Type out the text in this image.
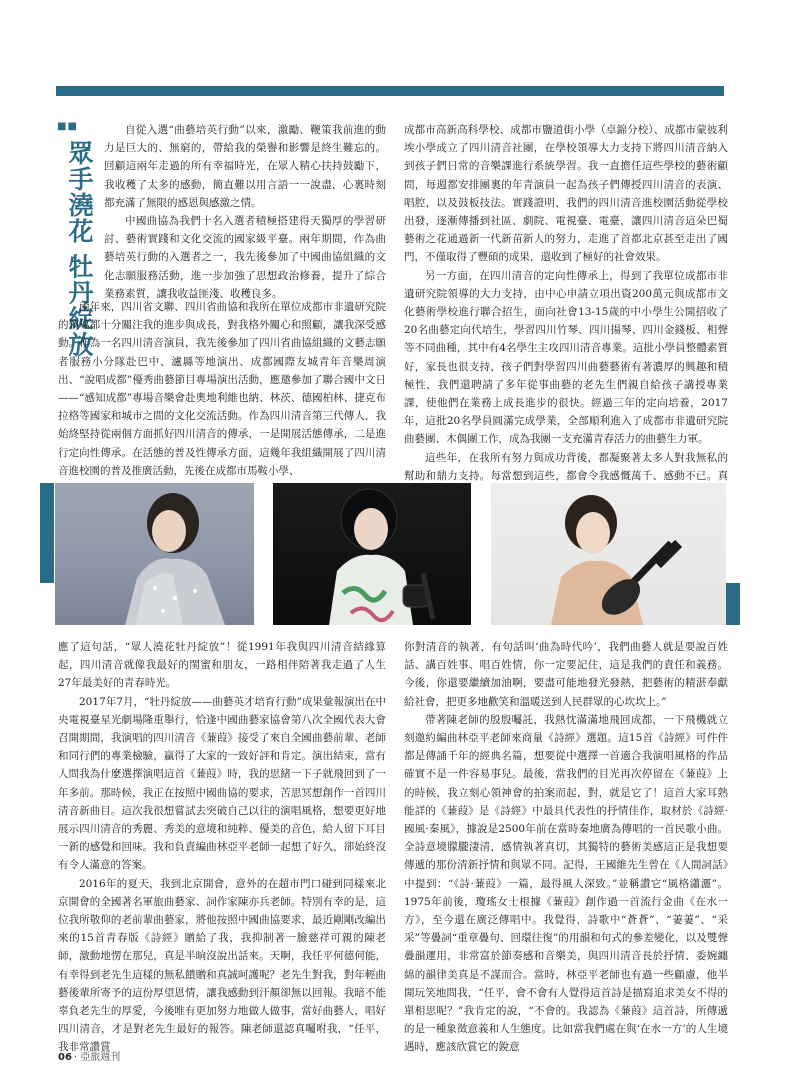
■■
眾手澆花 牡丹綻放

自從入選“曲藝培英行動”以來，激勵、鞭策我前進的動力是巨大的、無窮的，帶給我的榮譽和影響是終生難忘的。回顧這兩年走過的所有幸福時光，在眾人精心扶持鼓勵下，我收穫了太多的感動，簡直難以用言語一一說盡，心裏時刻都充滿了無限的感恩與感激之情。

中國曲協為我們十名入選者積極搭建得天獨厚的學習研討、藝術實踐和文化交流的國家級平臺。兩年期間，作為曲藝培英行動的入選者之一，我先後參加了中國曲協組織的文化志願服務活動，進一步加強了思想政治修養，提升了綜合業務素質，讓我收益匪淺、收穫良多。

兩年來，四川省文聯、四川省曲協和我所在單位成都市非遺研究院的領導都十分關注我的進步與成長，對我格外關心和照顧，讓我深受感動。作為一名四川清音演員，我先後參加了四川省曲協組織的文藝志願者服務小分隊赴巴中、瀘縣等地演出、成都國際友城青年音樂周演出、“說唱成都”優秀曲藝節目專場演出活動，應邀參加了聯合國中文日——“感知成都”專場音樂會赴奧地利維也納、林茨、德國柏林、捷克布拉格等國家和城市之間的文化交流活動。作為四川清音第三代傳人，我始終堅持從兩個方面抓好四川清音的傳承，一是開展活態傳承，二是進行定向性傳承。在活態的普及性傳承方面，這幾年我組織開展了四川清音進校園的普及推廣活動，先後在成都市馬鞍小學、

成都市高新高科學校、成都市鹽道街小學（卓錦分校）、成都市蒙彼利埃小學成立了四川清音社團，在學校領導大力支持下將四川清音納入到孩子們日常的音樂課進行系統學習。我一直擔任這些學校的藝術顧問，每週都安排團裏的年青演員一起為孩子們傳授四川清音的表演、唱腔，以及鼓板技法。實踐證明，我們的四川清音進校園活動從學校出發，逐漸傳播到社區、劇院、電視臺、電臺，讓四川清音這朵巴蜀藝術之花通過新一代新苗新人的努力，走進了首都北京甚至走出了國門，不僅取得了豐碩的成果，還收到了極好的社會效果。

另一方面，在四川清音的定向性傳承上，得到了我單位成都市非遺研究院領導的大力支持，由中心申請立項出資200萬元與成都市文化藝術學校進行聯合招生，面向社會13-15歲的中小學生公開招收了20名曲藝定向代培生，學習四川竹琴、四川揚琴、四川金錢板、相聲等不同曲種，其中有4名學生主攻四川清音專業。這批小學員整體素質好，家長也很支持，孩子們對學習四川曲藝藝術有著濃厚的興趣和積極性，我們還聘請了多年從事曲藝的老先生們親自給孩子講授專業課，使他們在業務上成長進步的很快。經過三年的定向培養，2017年，這批20名學員圓滿完成學業，全部順利進入了成都市非遺研究院曲藝團、木偶團工作，成為我團一支充滿青春活力的曲藝生力軍。

這些年，在我所有努力與成功背後，都凝聚著太多人對我無私的幫助和鼎力支持。每當想到這些，都會令我感慨萬千、感動不已。真

應了這句話，“眾人澆花牡丹綻放”！從1991年我與四川清音結緣算起，四川清音就像我最好的閨蜜和朋友，一路相伴陪著我走過了人生27年最美好的青春時光。

2017年7月，“牡丹綻放——曲藝英才培育行動”成果彙報演出在中央電視臺星光劇場隆重舉行，恰逢中國曲藝家協會第八次全國代表大會召開期間，我演唱的四川清音《蒹葭》接受了來自全國曲藝前輩、老師和同行們的專業檢驗，贏得了大家的一致好評和肯定。演出結束，當有人問我為什麼選擇演唱這首《蒹葭》時，我的思緒一下子就飛回到了一年多前。那時候，我正在按照中國曲協的要求，苦思冥想創作一首四川清音新曲目。這次我很想嘗試去突破自己以往的演唱風格，想要更好地展示四川清音的秀麗、秀美的意境和純粹、優美的音色，給人留下耳目一新的感覺和回味。我和負責編曲林亞平老師一起想了好久，卻始終沒有令人滿意的答案。

2016年的夏天，我到北京開會，意外的在超市門口碰到同樣來北京開會的全國著名軍旅曲藝家、詞作家陳亦兵老師。特別有幸的是，這位我所敬仰的老前輩曲藝家，將他按照中國曲協要求，最近剛剛改編出來的15首青春版《詩經》贈給了我，我抑制著一臉慈祥可親的陳老師，激動地愣在那兒，真是半晌沒說出話來。天啊，我任平何德何能，有幸得到老先生這樣的無私饋贈和真誠呵護呢？老先生對我，對年輕曲藝後輩所寄予的這份厚望恩情，讓我感動到汗顏卻無以回報。我暗不能辜負老先生的厚愛，今後唯有更加努力地做人做事，當好曲藝人，唱好四川清音，才是對老先生最好的報答。陳老師還認真囑咐我，“任平，我非常讚賞

你對清音的執著，有句話叫‘曲為時代吟’，我們曲藝人就是要說百姓話、講百姓事、唱百姓情，你一定要記住，這是我們的責任和義務。今後，你還要繼續加油啊，要盡可能地發光發熱，把藝術的精湛奉獻給社會，把更多地歡笑和溫暖送到人民群眾的心坎坎上。”

帶著陳老師的殷殷囑託，我熱忱滿滿地飛回成都，一下飛機就立刻邀約編曲林亞平老師來商量《詩經》選題。這15首《詩經》可件件都是傳誦千年的經典名篇，想要從中選擇一首適合我演唱風格的作品確實不是一件容易事兒。最後，當我們的目光再次停留在《蒹葭》上的時候，我立刻心領神會的拍案而起，對，就是它了！這首大家耳熟能詳的《蒹葭》是《詩經》中最具代表性的抒情佳作，取材於《詩經·國風·秦風》，據說是2500年前在當時秦地廣為傳唱的一首民歌小曲。全詩意境朦朧淒清，感情執著真切，其獨特的藝術美感這正是我想要傳遞的那份清新抒情和與眾不同。記得，王國維先生曾在《人間詞話》中提到：“《詩·蒹葭》一篇，最得風人深致。”並稱讚它“風格瀟灑”。1975年前後，瓊瑤女士根據《蒹葭》創作過一首流行金曲《在水一方》，至今還在廣泛傳唱中。我覺得，詩歌中“蒼蒼”、“萋萋”、“采采”等疊詞“重章疊句、回環往復”的用韻和句式的參差變化，以及雙聲疊韻運用，非常富於節奏感和音樂美，與四川清音長於抒情、委婉纏綿的韻律美真是不謀而合。當時，林亞平老師也有過一些顧慮，他半開玩笑地問我，“任平，會不會有人覺得這首詩是描寫追求美女不得的單相思呢？”我肯定的說，“不會的。我認為《蒹葭》這首詩，所傳遞的是一種象徵意義和人生態度。比如當我們處在與‘在水一方’的人生境遇時，應該欣賞它的銳意

06 · 亞旅週刊
